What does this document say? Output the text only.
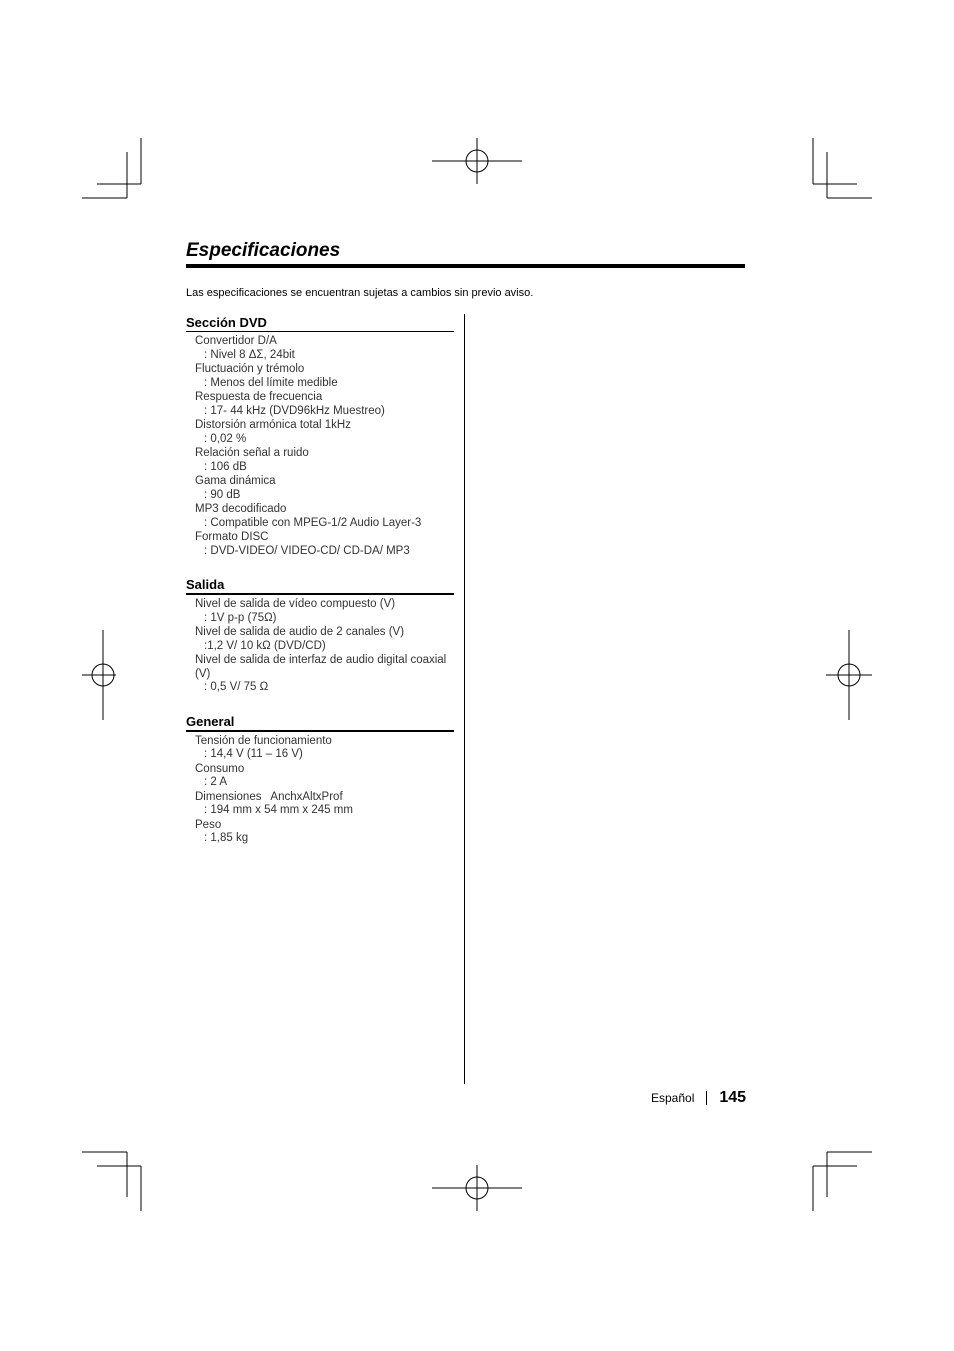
Especificaciones
Las especificaciones se encuentran sujetas a cambios sin previo aviso.
Sección DVD
Convertidor D/A
: Nivel 8 ΔΣ, 24bit
Fluctuación y trémolo
: Menos del límite medible
Respuesta de frecuencia
: 17- 44 kHz (DVD96kHz Muestreo)
Distorsión armónica total 1kHz
: 0,02 %
Relación señal a ruido
: 106 dB
Gama dinámica
: 90 dB
MP3 decodificado
: Compatible con MPEG-1/2 Audio Layer-3
Formato DISC
: DVD-VIDEO/ VIDEO-CD/ CD-DA/ MP3
Salida
Nivel de salida de vídeo compuesto (V)
: 1V p-p (75Ω)
Nivel de salida de audio de 2 canales (V)
:1,2 V/ 10 kΩ (DVD/CD)
Nivel de salida de interfaz de audio digital coaxial (V)
: 0,5 V/ 75 Ω
General
Tensión de funcionamiento
: 14,4 V (11 – 16 V)
Consumo
: 2 A
Dimensiones   AnchxAltxProf
: 194 mm x 54 mm x 245 mm
Peso
: 1,85 kg
Español 145
